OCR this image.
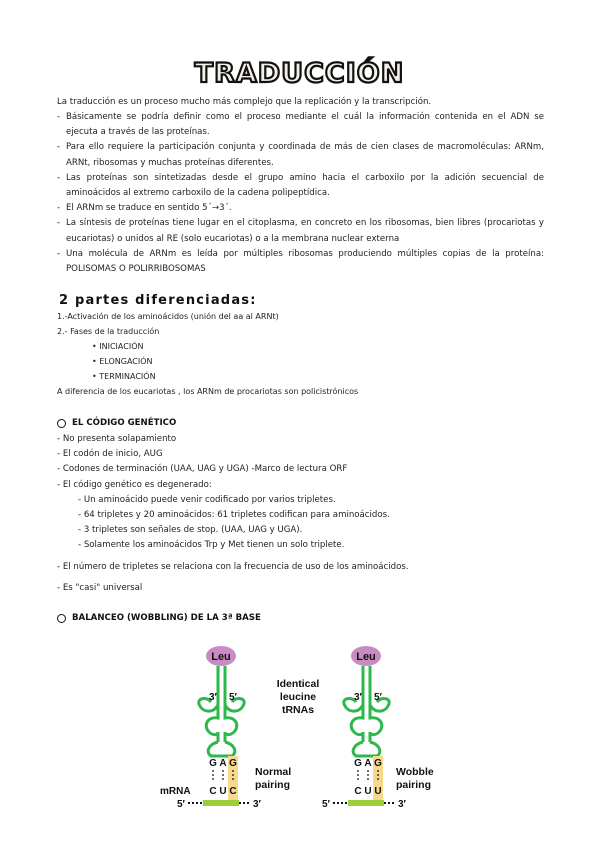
TRADUCCIÓN
La traducción es un proceso mucho más complejo que la replicación y la transcripción.
- Básicamente se podría definir como el proceso mediante el cuál la información contenida en el ADN se ejecuta a través de las proteínas.
- Para ello requiere la participación conjunta y coordinada de más de cien clases de macromoléculas: ARNm, ARNt, ribosomas y muchas proteínas diferentes.
- Las proteínas son sintetizadas desde el grupo amino hacia el carboxilo por la adición secuencial de aminoácidos al extremo carboxilo de la cadena polipeptídica.
- El ARNm se traduce en sentido 5´→3´.
- La síntesis de proteínas tiene lugar en el citoplasma, en concreto en los ribosomas, bien libres (procariotas y eucariotas) o unidos al RE (solo eucariotas) o a la membrana nuclear externa
- Una molécula de ARNm es leída por múltiples ribosomas produciendo múltiples copias de la proteína: POLISOMAS O POLIRRIBOSOMAS
2 partes diferenciadas:
1.-Activación de los aminoácidos (unión del aa al ARNt)
2.- Fases de la traducción
• INICIACIÓN
• ELONGACIÓN
• TERMINACIÓN
A diferencia de los eucariotas , los ARNm de procariotas son policistrónicos
EL CÓDIGO GENÉTICO
- No presenta solapamiento
- El codón de inicio, AUG
- Codones de terminación (UAA, UAG y UGA) -Marco de lectura ORF
- El código genético es degenerado:
- Un aminoácido puede venir codificado por varios tripletes.
- 64 tripletes y 20 aminoácidos: 61 tripletes codifican para aminoácidos.
- 3 tripletes son señales de stop. (UAA, UAG y UGA).
- Solamente los aminoácidos Trp y Met tienen un solo triplete.
- El número de tripletes se relaciona con la frecuencia de uso de los aminoácidos.
- Es "casi" universal
BALANCEO (WOBBLING) DE LA 3ª BASE
Leu
3′ 5′
G A G
C U C
Normal
pairing
mRNA
5′	3′
Identical
leucine
tRNAs
Leu
3′ 5′
G A G
C U U
Wobble
pairing
5′	3′
